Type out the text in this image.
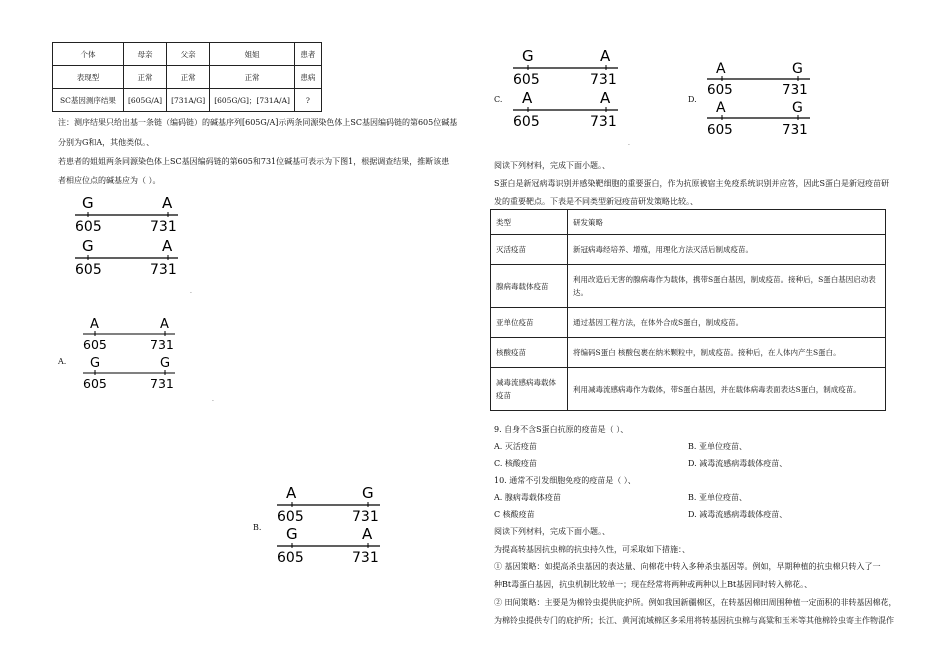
个体	母亲	父亲	姐姐	患者
表现型	正常	正常	正常	患病
SC基因测序结果	[605G/A]	[731A/G]	[605G/G]；[731A/A]	?
注：测序结果只给出基一条链（编码链）的碱基序列[605G/A]示两条同源染色体上SC基因编码链的第605位碱基
分别为G和A，其他类似。、
若患者的姐姐两条同源染色体上SC基因编码链的第605和731位碱基可表示为下图1，根据调查结果，推断该患
者相应位点的碱基应为（ ）。
G	A
605	731
G	A
605	731
.
A.
A	A
605	731
G	G
605	731
.
B.
A	G
605	731
G	A
605	731
C.
G	A
605	731
A	A
605	731
.
D.
A	G
605	731
A	G
605	731
阅读下列材料，完成下面小题。、
S蛋白是新冠病毒识别并感染靶细胞的重要蛋白，作为抗原被宿主免疫系统识别并应答，因此S蛋白是新冠疫苗研
发的重要靶点。下表是不同类型新冠疫苗研发策略比较。、
类型	研发策略
灭活疫苗	新冠病毒经培养、增殖，用理化方法灭活后制成疫苗。
腺病毒载体疫苗	利用改造后无害的腺病毒作为载体，携带S蛋白基因，制成疫苗。接种后，S蛋白基因启动表达。
亚单位疫苗	通过基因工程方法，在体外合成S蛋白，制成疫苗。
核酸疫苗	将编码S蛋白 核酸包裹在纳米颗粒中，制成疫苗。接种后，在人体内产生S蛋白。
减毒流感病毒载体疫苗	利用减毒流感病毒作为载体，带S蛋白基因，并在载体病毒表面表达S蛋白，制成疫苗。
9. 自身不含S蛋白抗原的疫苗是（ ）、
A. 灭活疫苗	B. 亚单位疫苗、
C. 核酸疫苗	D. 减毒流感病毒载体疫苗、
10. 通常不引发细胞免疫的疫苗是（ ）、
A. 腺病毒载体疫苗	B. 亚单位疫苗、
C 核酸疫苗	D. 减毒流感病毒载体疫苗、
阅读下列材料，完成下面小题。、
为提高转基因抗虫棉的抗虫持久性，可采取如下措施：、
① 基因策略：如提高杀虫基因的表达量、向棉花中转入多种杀虫基因等。例如，早期种植的抗虫棉只转入了一
种Bt毒蛋白基因，抗虫机制比较单一；现在经常将两种或两种以上Bt基因同时转入棉花。、
② 田间策略：主要是为棉铃虫提供庇护所。例如我国新疆棉区，在转基因棉田周围种植一定面积的非转基因棉花，
为棉铃虫提供专门的庇护所；长江、黄河流域棉区多采用将转基因抗虫棉与高粱和玉米等其他棉铃虫寄主作物混作
